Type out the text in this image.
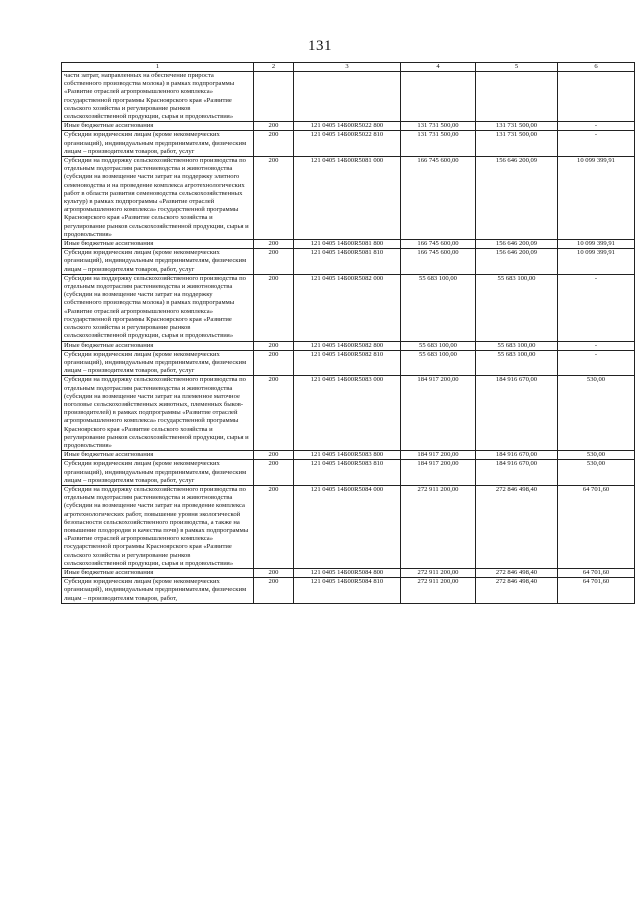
131
1	2	3	4	5	6
части затрат, направленных на обеспечение прироста собственного производства молока) в рамках подпрограммы «Развитие отраслей агропромышленного комплекса» государственной программы Красноярского края «Развитие сельского хозяйства и регулирование рынков сельскохозяйственной продукции, сырья и продовольствия»					
Иные бюджетные ассигнования	200	121 0405 14Б00R5022 800	131 731 500,00	131 731 500,00	-
Субсидии юридическим лицам (кроме некоммерческих организаций), индивидуальным предпринимателям, физическим лицам – производителям товаров, работ, услуг	200	121 0405 14Б00R5022 810	131 731 500,00	131 731 500,00	-
Субсидии на поддержку сельскохозяйственного производства по отдельным подотраслям растениеводства и животноводства (субсидии на возмещение части затрат на поддержку элитного семеноводства и на проведение комплекса агротехнологических работ в области развития семеноводства сельскохозяйственных культур) в рамках подпрограммы «Развитие отраслей агропромышленного комплекса» государственной программы Красноярского края «Развитие сельского хозяйства и регулирование рынков сельскохозяйственной продукции, сырья и продовольствия»	200	121 0405 14Б00R5081 000	166 745 600,00	156 646 200,09	10 099 399,91
Иные бюджетные ассигнования	200	121 0405 14Б00R5081 800	166 745 600,00	156 646 200,09	10 099 399,91
Субсидии юридическим лицам (кроме некоммерческих организаций), индивидуальным предпринимателям, физическим лицам – производителям товаров, работ, услуг	200	121 0405 14Б00R5081 810	166 745 600,00	156 646 200,09	10 099 399,91
Субсидии на поддержку сельскохозяйственного производства по отдельным подотраслям растениеводства и животноводства (субсидии на возмещение части затрат на поддержку собственного производства молока) в рамках подпрограммы «Развитие отраслей агропромышленного комплекса» государственной программы Красноярского края «Развитие сельского хозяйства и регулирование рынков сельскохозяйственной продукции, сырья и продовольствия»	200	121 0405 14Б00R5082 000	55 683 100,00	55 683 100,00	-
Иные бюджетные ассигнования	200	121 0405 14Б00R5082 800	55 683 100,00	55 683 100,00	-
Субсидии юридическим лицам (кроме некоммерческих организаций), индивидуальным предпринимателям, физическим лицам – производителям товаров, работ, услуг	200	121 0405 14Б00R5082 810	55 683 100,00	55 683 100,00	-
Субсидии на поддержку сельскохозяйственного производства по отдельным подотраслям растениеводства и животноводства (субсидии на возмещение части затрат на племенное маточное поголовье сельскохозяйственных животных, племенных быков-производителей) в рамках подпрограммы «Развитие отраслей агропромышленного комплекса» государственной программы Красноярского края «Развитие сельского хозяйства и регулирование рынков сельскохозяйственной продукции, сырья и продовольствия»	200	121 0405 14Б00R5083 000	184 917 200,00	184 916 670,00	530,00
Иные бюджетные ассигнования	200	121 0405 14Б00R5083 800	184 917 200,00	184 916 670,00	530,00
Субсидии юридическим лицам (кроме некоммерческих организаций), индивидуальным предпринимателям, физическим лицам – производителям товаров, работ, услуг	200	121 0405 14Б00R5083 810	184 917 200,00	184 916 670,00	530,00
Субсидии на поддержку сельскохозяйственного производства по отдельным подотраслям растениеводства и животноводства (субсидии на возмещение части затрат на проведение комплекса агротехнологических работ, повышение уровня экологической безопасности сельскохозяйственного производства, а также на повышение плодородия и качества почв) в рамках подпрограммы «Развитие отраслей агропромышленного комплекса» государственной программы Красноярского края «Развитие сельского хозяйства и регулирование рынков сельскохозяйственной продукции, сырья и продовольствия»	200	121 0405 14Б00R5084 000	272 911 200,00	272 846 498,40	64 701,60
Иные бюджетные ассигнования	200	121 0405 14Б00R5084 800	272 911 200,00	272 846 498,40	64 701,60
Субсидии юридическим лицам (кроме некоммерческих организаций), индивидуальным предпринимателям, физическим лицам – производителям товаров, работ,	200	121 0405 14Б00R5084 810	272 911 200,00	272 846 498,40	64 701,60
